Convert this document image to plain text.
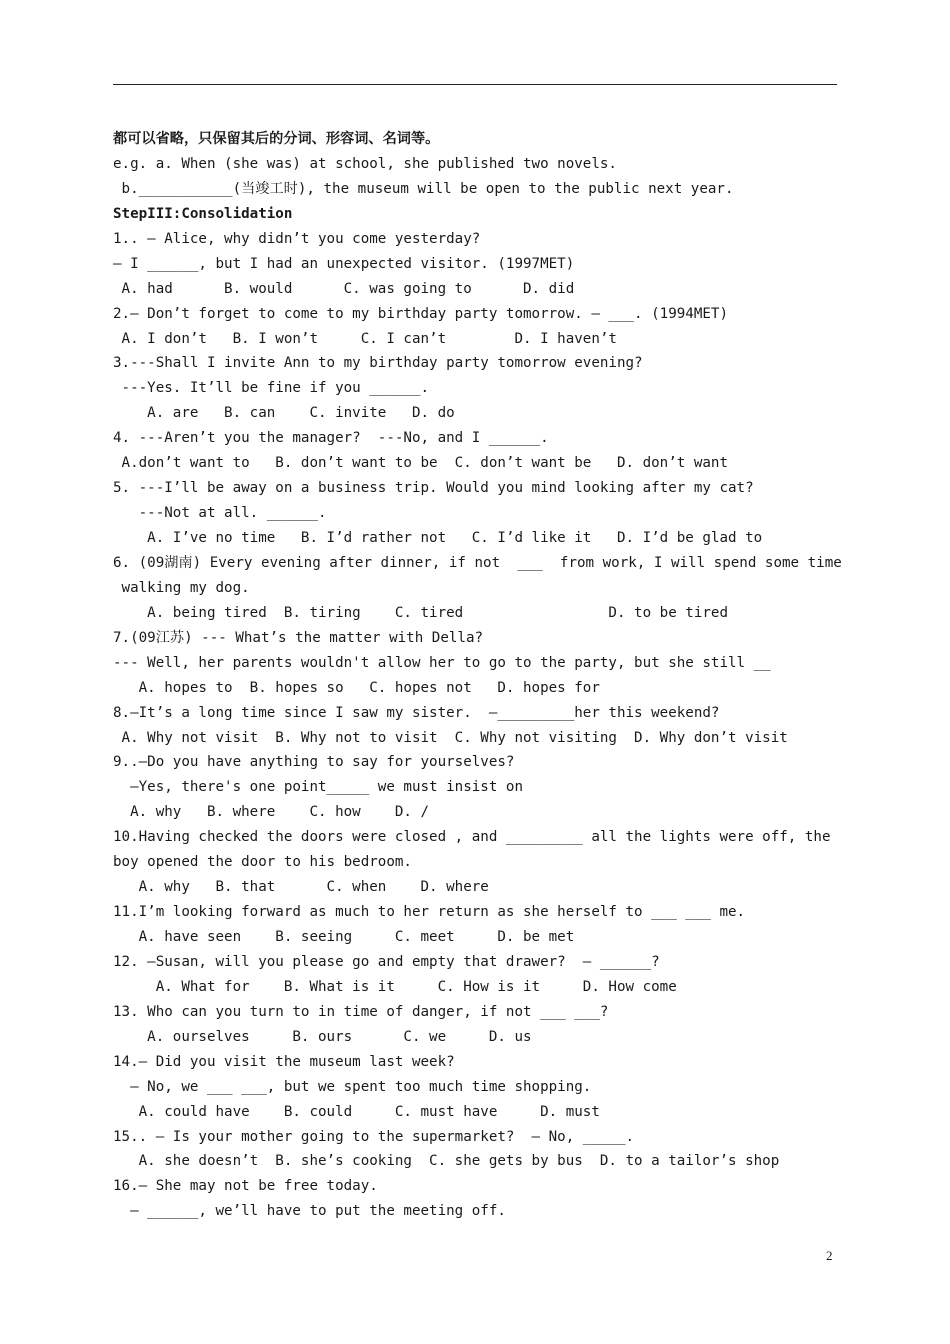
都可以省略，只保留其后的分词、形容词、名词等。
e.g. a. When (she was) at school, she published two novels.
b.___________(当竣工时), the museum will be open to the public next year.
StepIII:Consolidation
1.. — Alice, why didn’t you come yesterday?
— I ______, but I had an unexpected visitor. (1997MET)
A. had      B. would      C. was going to      D. did
2.— Don’t forget to come to my birthday party tomorrow. — ___. (1994MET)
A. I don’t   B. I won’t     C. I can’t        D. I haven’t
3.---Shall I invite Ann to my birthday party tomorrow evening?
---Yes. It’ll be fine if you ______.
A. are   B. can    C. invite   D. do
4. ---Aren’t you the manager?  ---No, and I ______.
A.don’t want to   B. don’t want to be  C. don’t want be   D. don’t want
5. ---I’ll be away on a business trip. Would you mind looking after my cat?
---Not at all. ______.
A. I’ve no time   B. I’d rather not   C. I’d like it   D. I’d be glad to
6. (09湖南) Every evening after dinner, if not  ___  from work, I will spend some time
walking my dog.
A. being tired  B. tiring    C. tired                 D. to be tired
7.(09江苏) --- What’s the matter with Della?
--- Well, her parents wouldn't allow her to go to the party, but she still __
A. hopes to  B. hopes so   C. hopes not   D. hopes for
8.—It’s a long time since I saw my sister.  —_________her this weekend?
A. Why not visit  B. Why not to visit  C. Why not visiting  D. Why don’t visit
9..—Do you have anything to say for yourselves?
—Yes, there's one point_____ we must insist on
A. why   B. where    C. how    D. /
10.Having checked the doors were closed , and _________ all the lights were off, the
boy opened the door to his bedroom.
A. why   B. that      C. when    D. where
11.I’m looking forward as much to her return as she herself to ___ ___ me.
A. have seen    B. seeing     C. meet     D. be met
12. —Susan, will you please go and empty that drawer?  — ______?
A. What for    B. What is it     C. How is it     D. How come
13. Who can you turn to in time of danger, if not ___ ___?
A. ourselves     B. ours      C. we     D. us
14.— Did you visit the museum last week?
— No, we ___ ___, but we spent too much time shopping.
A. could have    B. could     C. must have     D. must
15.. — Is your mother going to the supermarket?  — No, _____.
A. she doesn’t  B. she’s cooking  C. she gets by bus  D. to a tailor’s shop
16.— She may not be free today.
— ______, we’ll have to put the meeting off.
2
